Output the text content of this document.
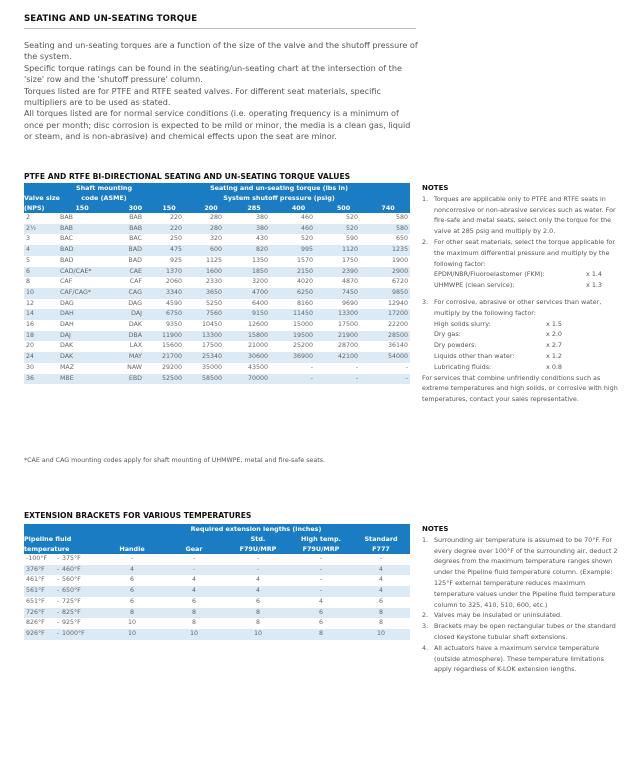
SEATING AND UN-SEATING TORQUE

Seating and un-seating torques are a function of the size of the valve and the shutoff pressure of the system.

Specific torque ratings can be found in the seating/un-seating chart at the intersection of the 'size' row and the 'shutoff pressure' column.

Torques listed are for PTFE and RTFE seated valves. For different seat materials, specific multipliers are to be used as stated.

All torques listed are for normal service conditions (i.e. operating frequency is a minimum of once per month; disc corrosion is expected to be mild or minor, the media is a clean gas, liquid or steam, and is non-abrasive) and chemical effects upon the seat are minor.

PTFE AND RTFE BI-DIRECTIONAL SEATING AND UN-SEATING TORQUE VALUES
	Shaft mounting		Seating and un-seating torque (lbs in)					
Valve size	code (ASME)		System shutoff pressure (psig)					
(NPS)	150	300	150	200	285	400	500	740
2	BAB	BAB	220	280	380	460	520	580
2½	BAB	BAB	220	280	380	460	520	580
3	BAC	BAC	250	320	430	520	590	650
4	BAD	BAD	475	600	820	995	1120	1235
5	BAD	BAD	925	1125	1350	1570	1750	1900
6	CAD/CAE*	CAE	1370	1600	1850	2150	2390	2900
8	CAF	CAF	2060	2330	3200	4020	4870	6720
10	CAF/CAG*	CAG	3340	3650	4700	6250	7450	9850
12	DAG	DAG	4590	5250	6400	8160	9690	12940
14	DAH	DAJ	6750	7560	9150	11450	13300	17200
16	DAH	DAK	9350	10450	12600	15000	17500	22200
18	DAJ	DBA	11900	13300	15800	19500	21900	28500
20	DAK	LAX	15600	17500	21000	25200	28700	36140
24	DAK	MAY	21700	25340	30600	36900	42100	54000
30	MAZ	NAW	29200	35000	43500	-	-	-
36	MBE	EBD	52500	58500	70000	-	-	-
*CAE and CAG mounting codes apply for shaft mounting of UHMWPE, metal and fire-safe seats.
NOTES
1. Torques are applicable only to PTFE and RTFE seats in noncorrosive or non-abrasive services such as water. For fire-safe and metal seats, select only the torque for the valve at 285 psig and multiply by 2.0.
2. For other seat materials, select the torque applicable for the maximum differential pressure and multiply by the following factor:
EPDM/NBR/Fluoroelastomer (FKM):	x 1.4
UHMWPE (clean service):	x 1.3
3. For corrosive, abrasive or other services than water, multiply by the following factor:
High solids slurry:	x 1.5
Dry gas:	x 2.0
Dry powders:	x 2.7
Liquids other than water:	x 1.2
Lubricating fluids:	x 0.8

For services that combine unfriendly conditions such as extreme temperatures and high solids, or corrosive with high temperatures, contact your sales representative.

EXTENSION BRACKETS FOR VARIOUS TEMPERATURES
			Required extension lengths (inches)				
Pipeline fluid					Std.	High temp.	Standard
temperature			Handle	Gear	F79U/MRP	F79U/MRP	F777
-100°F	-	375°F	-	-	-	-	-
376°F	-	460°F	4	-	-	-	4
461°F	-	560°F	6	4	4	-	4
561°F	-	650°F	6	4	4	-	4
651°F	-	725°F	6	6	6	4	6
726°F	-	825°F	8	8	8	6	8
826°F	-	925°F	10	8	8	6	8
926°F	-	1000°F	10	10	10	8	10
NOTES
1. Surrounding air temperature is assumed to be 70°F. For every degree over 100°F of the surrounding air, deduct 2 degrees from the maximum temperature ranges shown under the Pipeline fluid temperature column. (Example: 125°F external temperature reduces maximum temperature values under the Pipeline fluid temperature column to 325, 410, 510, 600, etc.)
2. Valves may be insulated or uninsulated.
3. Brackets may be open rectangular tubes or the standard closed Keystone tubular shaft extensions.
4. All actuators have a maximum service temperature (outside atmosphere). These temperature limitations apply regardless of K-LOK extension lengths.
